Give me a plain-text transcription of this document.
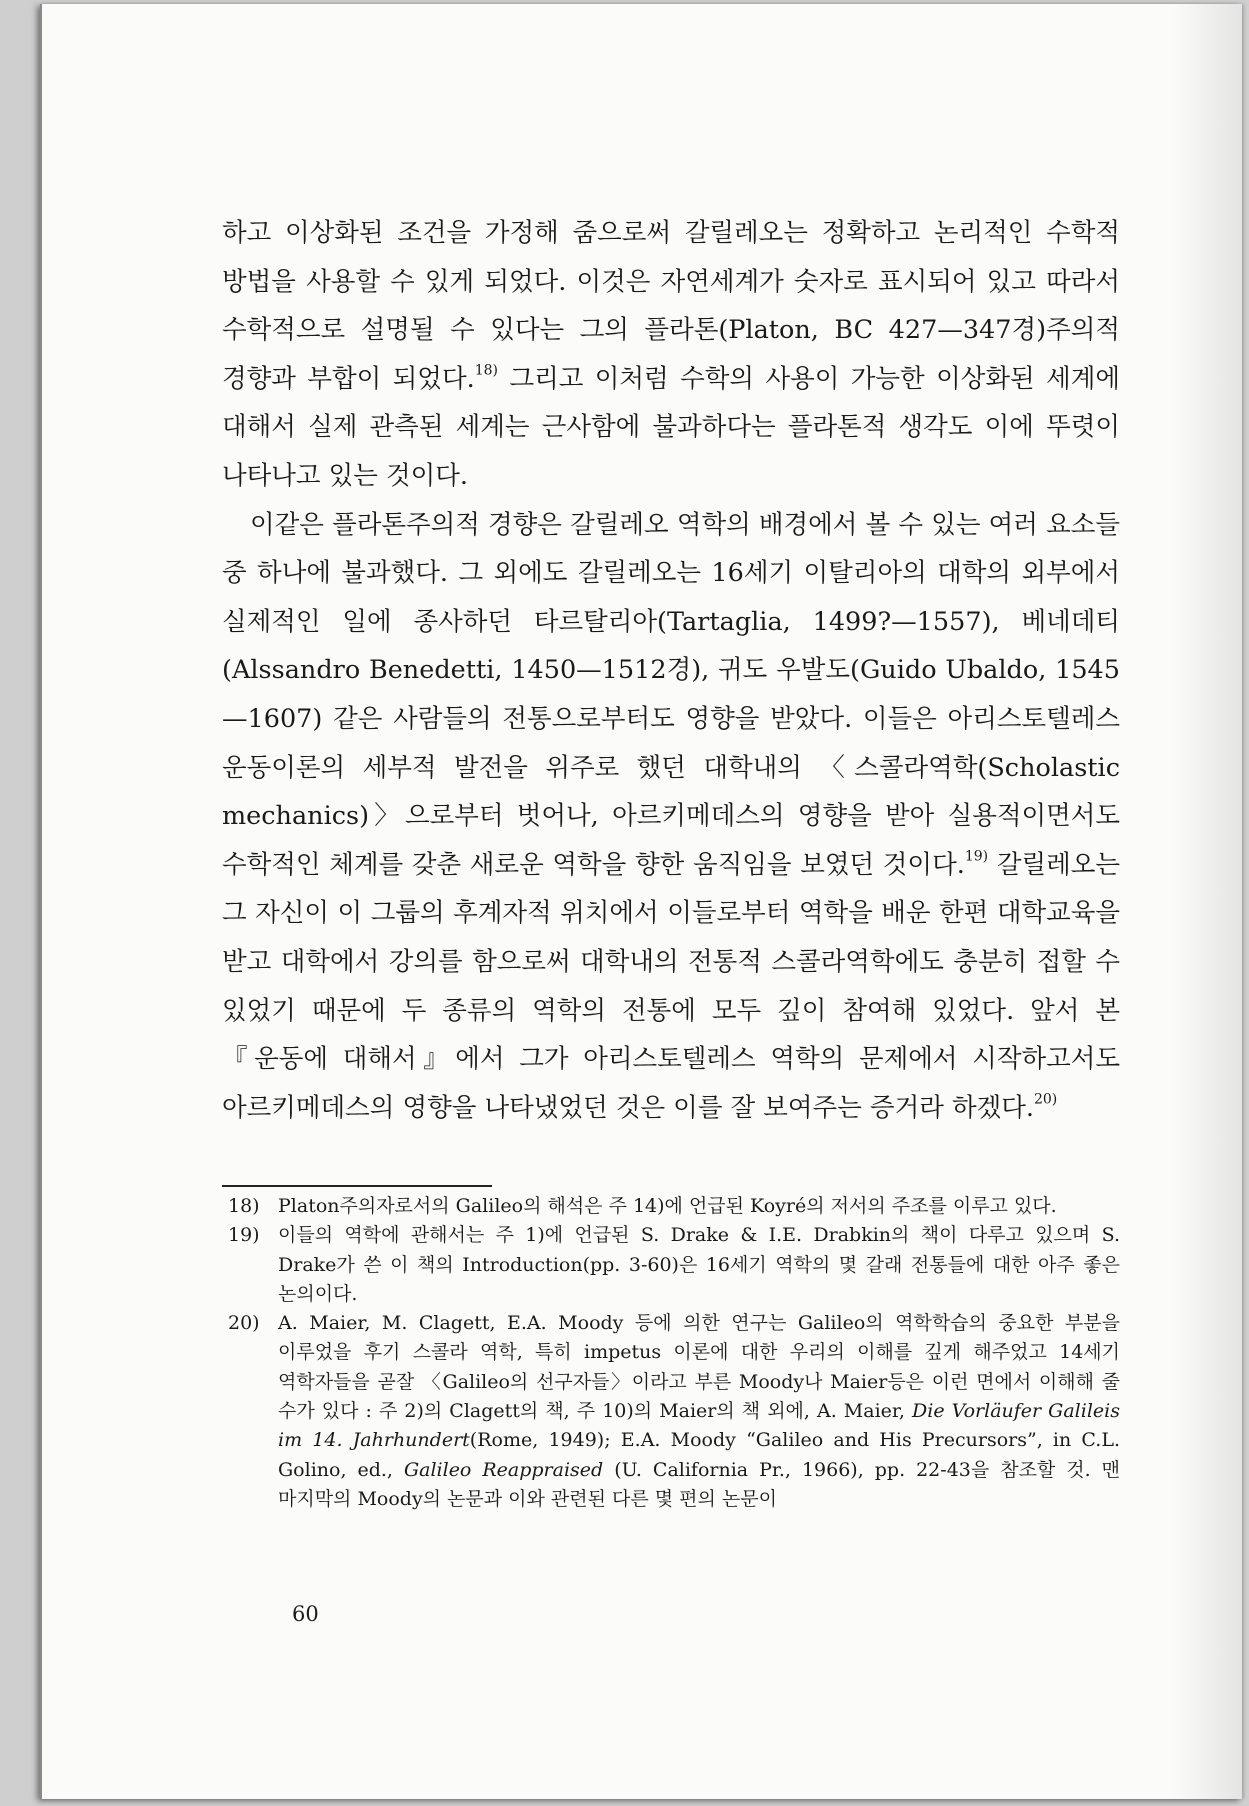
하고 이상화된 조건을 가정해 줌으로써 갈릴레오는 정확하고 논리적인 수학적 방법을 사용할 수 있게 되었다. 이것은 자연세계가 숫자로 표시되어 있고 따라서 수학적으로 설명될 수 있다는 그의 플라톤(Platon, BC 427—347경)주의적 경향과 부합이 되었다.$^{18)}$ 그리고 이처럼 수학의 사용이 가능한 이상화된 세계에 대해서 실제 관측된 세계는 근사함에 불과하다는 플라톤적 생각도 이에 뚜렷이 나타나고 있는 것이다.

이같은 플라톤주의적 경향은 갈릴레오 역학의 배경에서 볼 수 있는 여러 요소들 중 하나에 불과했다. 그 외에도 갈릴레오는 16세기 이탈리아의 대학의 외부에서 실제적인 일에 종사하던 타르탈리아(Tartaglia, 1499?—1557), 베네데티(Alssandro Benedetti, 1450—1512경), 귀도 우발도(Guido Ubaldo, 1545—1607) 같은 사람들의 전통으로부터도 영향을 받았다. 이들은 아리스토텔레스 운동이론의 세부적 발전을 위주로 했던 대학내의 〈스콜라역학(Scholastic mechanics)〉으로부터 벗어나, 아르키메데스의 영향을 받아 실용적이면서도 수학적인 체계를 갖춘 새로운 역학을 향한 움직임을 보였던 것이다.$^{19)}$ 갈릴레오는 그 자신이 이 그룹의 후계자적 위치에서 이들로부터 역학을 배운 한편 대학교육을 받고 대학에서 강의를 함으로써 대학내의 전통적 스콜라역학에도 충분히 접할 수 있었기 때문에 두 종류의 역학의 전통에 모두 깊이 참여해 있었다. 앞서 본『운동에 대해서』에서 그가 아리스토텔레스 역학의 문제에서 시작하고서도 아르키메데스의 영향을 나타냈었던 것은 이를 잘 보여주는 증거라 하겠다.$^{20)}$

18) Platon주의자로서의 Galileo의 해석은 주 14)에 언급된 Koyré의 저서의 주조를 이루고 있다.
19) 이들의 역학에 관해서는 주 1)에 언급된 S. Drake & I.E. Drabkin의 책이 다루고 있으며 S. Drake가 쓴 이 책의 Introduction(pp. 3-60)은 16세기 역학의 몇 갈래 전통들에 대한 아주 좋은 논의이다.
20) A. Maier, M. Clagett, E.A. Moody 등에 의한 연구는 Galileo의 역학학습의 중요한 부분을 이루었을 후기 스콜라 역학, 특히 impetus 이론에 대한 우리의 이해를 깊게 해주었고 14세기 역학자들을 곧잘 〈Galileo의 선구자들〉이라고 부른 Moody나 Maier등은 이런 면에서 이해해 줄 수가 있다 : 주 2)의 Clagett의 책, 주 10)의 Maier의 책 외에, A. Maier, Die Vorläufer Galileis im 14. Jahrhundert(Rome, 1949); E.A. Moody “Galileo and His Precursors”, in C.L. Golino, ed., Galileo Reappraised (U. California Pr., 1966), pp. 22-43을 참조할 것. 맨 마지막의 Moody의 논문과 이와 관련된 다른 몇 편의 논문이
60
